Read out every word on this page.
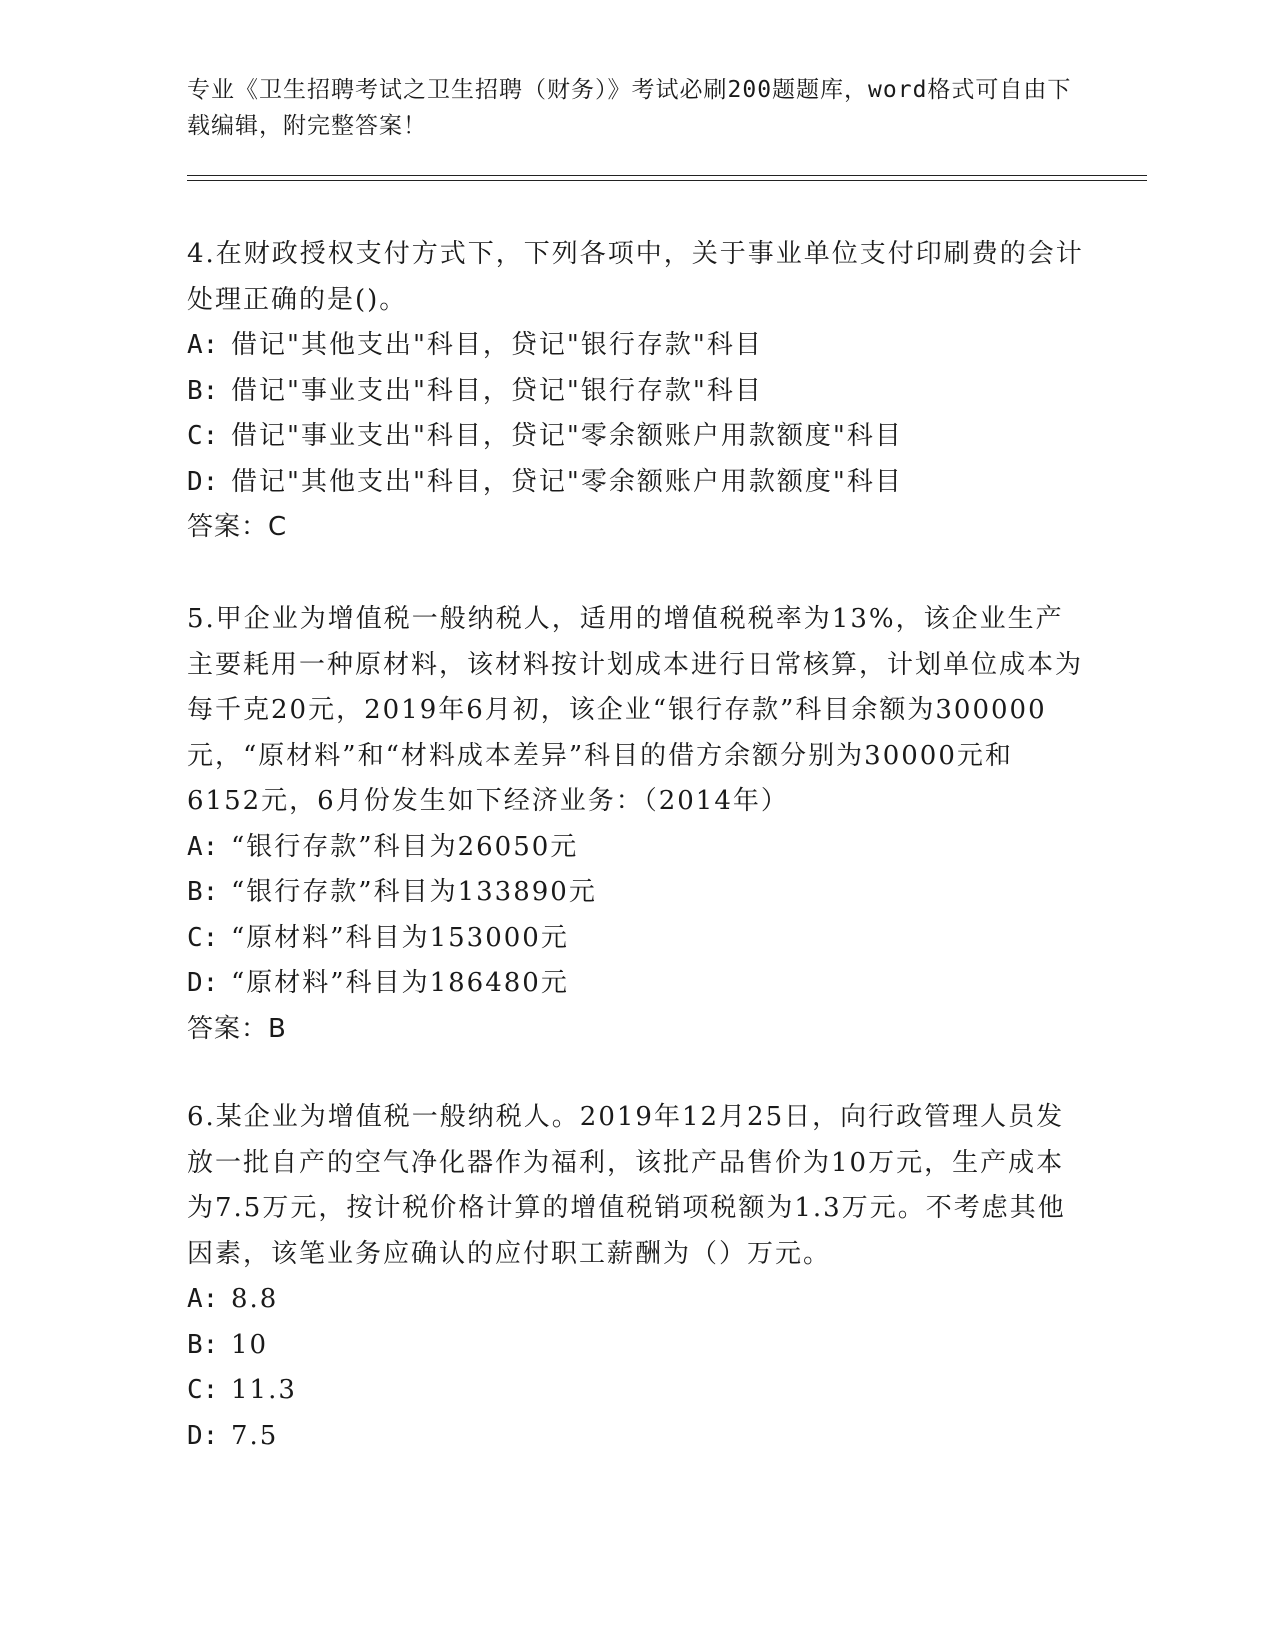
专业《卫生招聘考试之卫生招聘（财务）》考试必刷200题题库，word格式可自由下载编辑，附完整答案！

4.在财政授权支付方式下，下列各项中，关于事业单位支付印刷费的会计处理正确的是()。

A: 借记"其他支出"科目，贷记"银行存款"科目
B: 借记"事业支出"科目，贷记"银行存款"科目
C: 借记"事业支出"科目，贷记"零余额账户用款额度"科目
D: 借记"其他支出"科目，贷记"零余额账户用款额度"科目
答案：C

5.甲企业为增值税一般纳税人，适用的增值税税率为13%，该企业生产主要耗用一种原材料，该材料按计划成本进行日常核算，计划单位成本为每千克20元，2019年6月初，该企业“银行存款”科目余额为300000元，“原材料”和“材料成本差异”科目的借方余额分别为30000元和6152元，6月份发生如下经济业务：（2014年）

A: “银行存款”科目为26050元
B: “银行存款”科目为133890元
C: “原材料”科目为153000元
D: “原材料”科目为186480元
答案：B

6.某企业为增值税一般纳税人。2019年12月25日，向行政管理人员发放一批自产的空气净化器作为福利，该批产品售价为10万元，生产成本为7.5万元，按计税价格计算的增值税销项税额为1.3万元。不考虑其他因素，该笔业务应确认的应付职工薪酬为（）万元。

A: 8.8
B: 10
C: 11.3
D: 7.5
